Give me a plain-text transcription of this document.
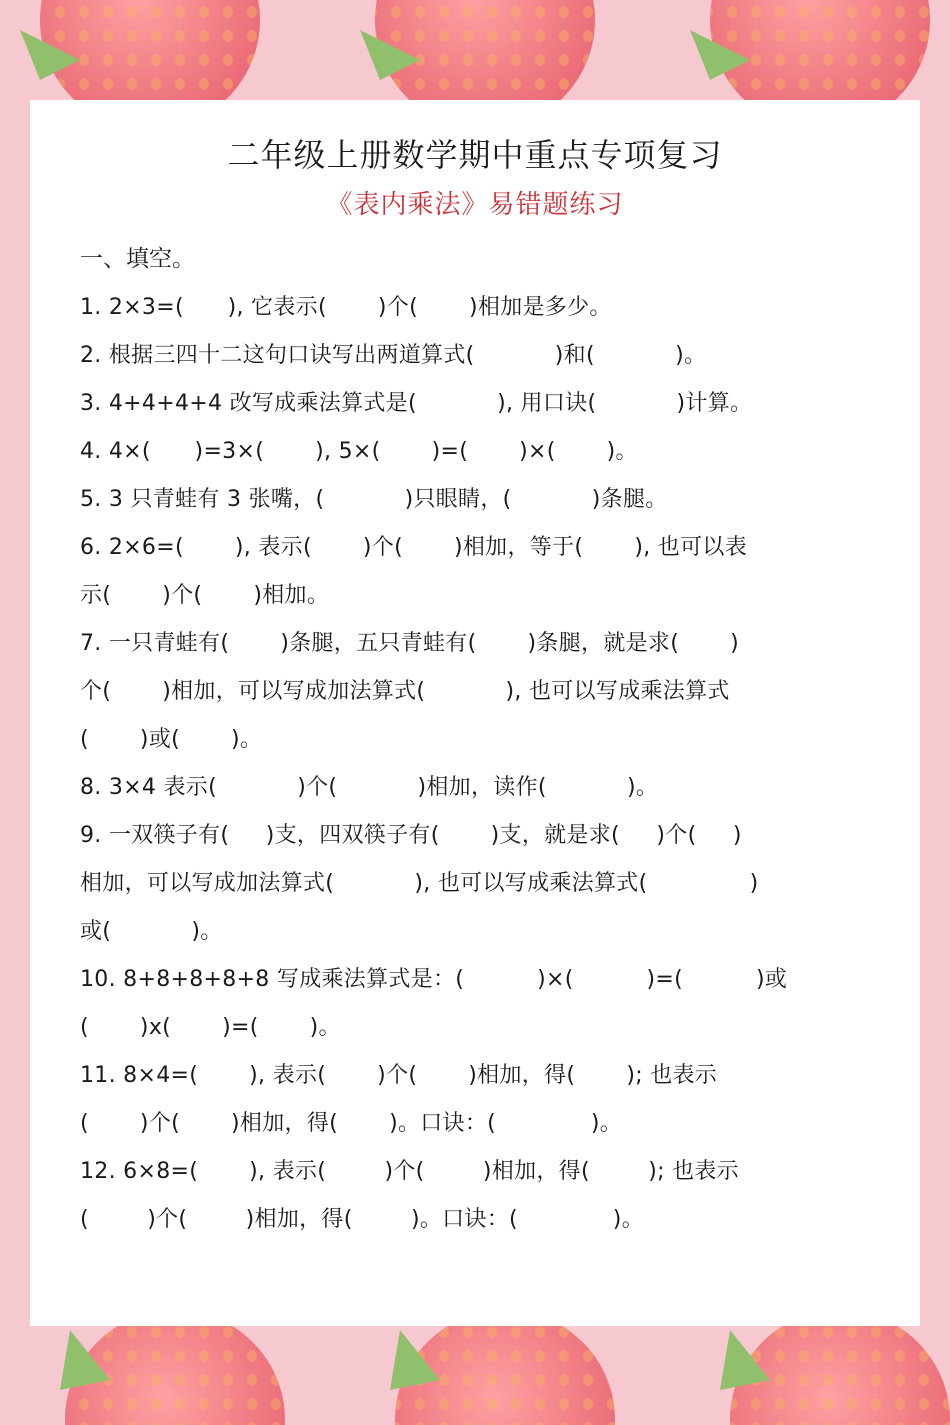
二年级上册数学期中重点专项复习
《表内乘法》易错题练习
一、填空。
1. 2×3=(      ), 它表示(       )个(       )相加是多少。
2. 根据三四十二这句口诀写出两道算式(           )和(           )。
3. 4+4+4+4 改写成乘法算式是(           ), 用口诀(           )计算。
4. 4×(      )=3×(       ), 5×(       )=(       )×(       )。
5. 3 只青蛙有 3 张嘴，(           )只眼睛，(           )条腿。
6. 2×6=(       ), 表示(       )个(       )相加，等于(       ), 也可以表
示(       )个(       )相加。
7. 一只青蛙有(       )条腿，五只青蛙有(       )条腿，就是求(       )
个(       )相加，可以写成加法算式(           ), 也可以写成乘法算式
(       )或(       )。
8. 3×4 表示(           )个(           )相加，读作(           )。
9. 一双筷子有(     )支，四双筷子有(       )支，就是求(     )个(     )
相加，可以写成加法算式(           ), 也可以写成乘法算式(              )
或(           )。
10. 8+8+8+8+8 写成乘法算式是：(          )×(          )=(          )或
(       )x(       )=(       )。
11. 8×4=(       ), 表示(       )个(       )相加，得(       ); 也表示
(       )个(       )相加，得(       )。口诀：(             )。
12. 6×8=(       ), 表示(        )个(        )相加，得(        ); 也表示
(        )个(        )相加，得(        )。口诀：(             )。
